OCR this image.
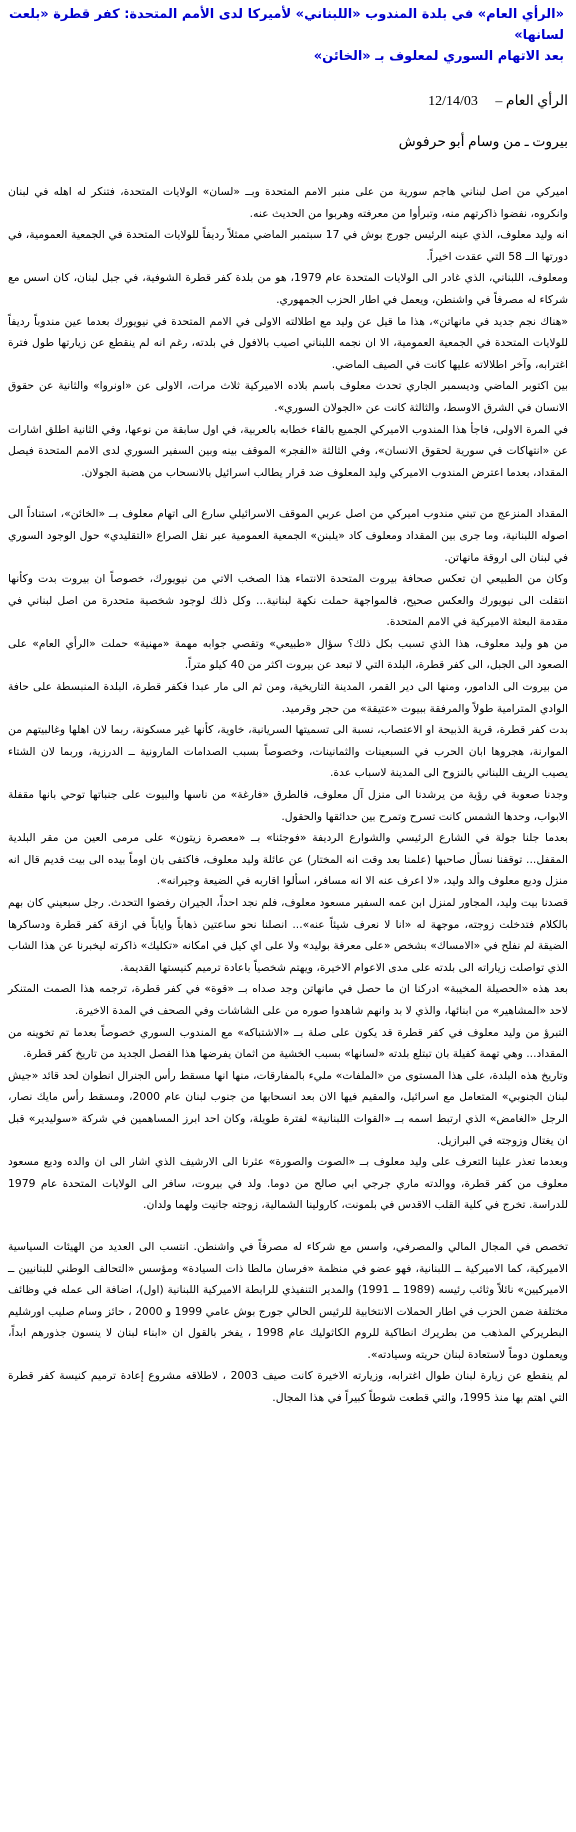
«الرأي العام» في بلدة المندوب «اللبناني» لأميركا لدى الأمم المتحدة: كفر قطرة «بلعت لسانها»
بعد الاتهام السوري لمعلوف بـ «الخائن»
الرأي العام – 12/14/03
بيروت ـ من وسام أبو حرفوش

اميركي من اصل لبناني هاجم سورية من على منبر الامم المتحدة وبــ «لسان» الولايات المتحدة، فتنكر له اهله في لبنان وانكروه، نفضوا ذاكرتهم منه، وتبرأوا من معرفته وهربوا من الحديث عنه.

انه وليد معلوف، الذي عينه الرئيس جورج بوش في 17 سبتمبر الماضي ممثلاً رديفاً للولايات المتحدة في الجمعية العمومية، في دورتها الــ 58 التي عقدت اخيراً.

ومعلوف، اللبناني، الذي غادر الى الولايات المتحدة عام 1979، هو من بلدة كفر قطرة الشوفية، في جبل لبنان، كان اسس مع شركاء له مصرفاً في واشنطن، ويعمل في اطار الحزب الجمهوري.

«هناك نجم جديد في مانهاتن»، هذا ما قيل عن وليد مع اطلالته الاولى في الامم المتحدة في نيويورك بعدما عين مندوباً رديفاً للولايات المتحدة في الجمعية العمومية، الا ان نجمه اللبناني اصيب بالافول في بلدته، رغم انه لم ينقطع عن زيارتها طول فترة اغترابه، وآخر اطلالاته عليها كانت في الصيف الماضي.

بين اكتوبر الماضي وديسمبر الجاري تحدث معلوف باسم بلاده الاميركية ثلاث مرات، الاولى عن «اونروا» والثانية عن حقوق الانسان في الشرق الاوسط، والثالثة كانت عن «الجولان السوري».

في المرة الاولى، فاجأ هذا المندوب الاميركي الجميع بالقاء خطابه بالعربية، في اول سابقة من نوعها، وفي الثانية اطلق اشارات عن «انتهاكات في سورية لحقوق الانسان»، وفي الثالثة «الفجر» الموقف بينه وبين السفير السوري لدى الامم المتحدة فيصل المقداد، بعدما اعترض المندوب الاميركي وليد المعلوف ضد قرار يطالب اسرائيل بالانسحاب من هضبة الجولان.

المقداد المنزعج من تبني مندوب اميركي من اصل عربي الموقف الاسرائيلي سارع الى اتهام معلوف بــ «الخائن»، استناداً الى اصوله اللبنانية، وما جرى بين المقداد ومعلوف كاد «يلبنن» الجمعية العمومية عبر نقل الصراع «التقليدي» حول الوجود السوري في لبنان الى اروقة مانهاتن.

وكان من الطبيعي ان تعكس صحافة بيروت المتحدة الانتماء هذا الصخب الاتي من نيويورك، خصوصاً ان بيروت بدت وكأنها انتقلت الى نيويورك والعكس صحيح، فالمواجهة حملت نكهة لبنانية... وكل ذلك لوجود شخصية متحدرة من اصل لبناني في مقدمة البعثة الاميركية في الامم المتحدة.

من هو وليد معلوف، هذا الذي تسبب بكل ذلك؟ سؤال «طبيعي» وتقصي جوابه مهمة «مهنية» حملت «الرأي العام» على الصعود الى الجبل، الى كفر قطرة، البلدة التي لا تبعد عن بيروت اكثر من 40 كيلو متراً.

من بيروت الى الدامور، ومنها الى دير القمر، المدينة التاريخية، ومن ثم الى مار عبدا فكفر قطرة، البلدة المنبسطة على حافة الوادي المترامية طولاً والمرفقة ببيوت «عتيقة» من حجر وقرميد.

بدت كفر قطرة، قرية الذبيحة او الاعتصاب، نسبة الى تسميتها السريانية، خاوية، كأنها غير مسكونة، ربما لان اهلها وغالبيتهم من الموارنة، هجروها ابان الحرب في السبعينات والثمانينات، وخصوصاً بسبب الصدامات المارونية ــ الدرزية، وربما لان الشتاء يصيب الريف اللبناني بالنزوح الى المدينة لاسباب عدة.

وجدنا صعوبة في رؤية من يرشدنا الى منزل آل معلوف، فالطرق «فارغة» من ناسها والبيوت على جنباتها توحي بانها مقفلة الابواب، وحدها الشمس كانت تسرح وتمرح بين حدائقها والحقول.

بعدما جلنا جولة في الشارع الرئيسي والشوارع الرديفة «فوجئنا» بــ «معصرة زيتون» على مرمى العين من مقر البلدية المقفل... توقفنا نسأل صاحبها (علمنا بعد وقت انه المختار) عن عائلة وليد معلوف، فاكتفى بان اوماً بيده الى بيت قديم قال انه منزل وديع معلوف والد وليد، «لا اعرف عنه الا انه مسافر، اسألوا اقاربه في الضيعة وجيرانه».

قصدنا بيت وليد، المجاور لمنزل ابن عمه السفير مسعود معلوف، فلم نجد احداً، الجيران رفضوا التحدث. رجل سبعيني كان بهم بالكلام فتدخلت زوجته، موجهة له «انا لا نعرف شيئاً عنه»... انصلنا نحو ساعتين ذهاباً واياباً في ازقة كفر قطرة ودساكرها الضيقة لم نفلح في «الامساك» بشخص «على معرفة بوليد» ولا على اي كيل في امكانه «تكليك» ذاكرته ليخبرنا عن هذا الشاب الذي تواصلت زياراته الى بلدته على مدى الاعوام الاخيرة، ويهتم شخصياً باعادة ترميم كنيستها القديمة.

بعد هذه «الحصيلة المخيبة» ادركنا ان ما حصل في مانهاتن وجد صداه بــ «قوة» في كفر قطرة، ترجمه هذا الصمت المتنكر لاحد «المشاهير» من ابنائها، والذي لا بد وانهم شاهدوا صوره من على الشاشات وفي الصحف في المدة الاخيرة.

التبرؤ من وليد معلوف في كفر قطرة قد يكون على صلة بــ «الاشتباكه» مع المندوب السوري خصوصاً بعدما تم تخوينه من المقداد... وهي تهمة كفيلة بان تبتلع بلدته «لسانها» بسبب الخشية من اثمان يفرضها هذا الفصل الجديد من تاريخ كفر قطرة.

وتاريخ هذه البلدة، على هذا المستوى من «الملفات» مليء بالمفارقات، منها انها مسقط رأس الجنرال انطوان لحد قائد «جيش لبنان الجنوبي» المتعامل مع اسرائيل، والمقيم فيها الان بعد انسحابها من جنوب لبنان عام 2000، ومسقط رأس مايك نصار، الرجل «الغامض» الذي ارتبط اسمه بــ «القوات اللبنانية» لفترة طويلة، وكان احد ابرز المساهمين في شركة «سوليدير» قبل ان يغتال وزوجته في البرازيل.

وبعدما تعذر علينا التعرف على وليد معلوف بــ «الصوت والصورة» عثرنا الى الارشيف الذي اشار الى ان والده وديع مسعود معلوف من كفر قطرة، ووالدته ماري جرجي ابي صالح من دوما. ولد في بيروت، سافر الى الولايات المتحدة عام 1979 للدراسة. تخرج في كلية القلب الاقدس في بلمونت، كارولينا الشمالية، زوجته جانيت ولهما ولدان.

تخصص في المجال المالي والمصرفي، واسس مع شركاء له مصرفاً في واشنطن. انتسب الى العديد من الهيئات السياسية الاميركية، كما الاميركية ــ اللبنانية، فهو عضو في منظمة «فرسان مالطا ذات السيادة» ومؤسس «التحالف الوطني للبنانيين ــ الاميركيين» نائلاً وثائب رئيسه (1989 ــ 1991) والمدير التنفيذي للرابطة الاميركية اللبنانية (اول)، اضافة الى عمله في وظائف مختلفة ضمن الحزب في اطار الحملات الانتخابية للرئيس الحالي جورج بوش عامي 1999 و 2000 ، حائز وسام صليب اورشليم البطريركي المذهب من بطريرك انطاكية للروم الكاثوليك عام 1998 ، يفخر بالقول ان «ابناء لبنان لا ينسون جذورهم ابداً، ويعملون دوماً لاستعادة لبنان حريته وسيادته».

لم ينقطع عن زيارة لبنان طوال اغترابه، وزيارته الاخيرة كانت صيف 2003 ، لاطلاقه مشروع إعادة ترميم كنيسة كفر قطرة التي اهتم بها منذ 1995، والتي قطعت شوطاً كبيراً في هذا المجال.
